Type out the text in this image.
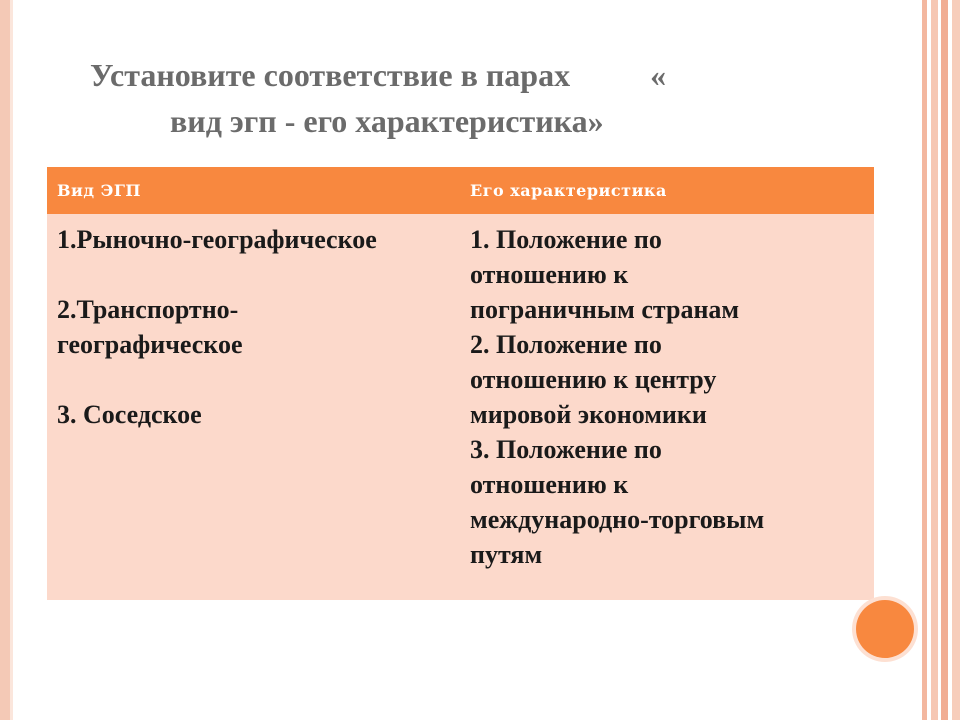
Установите соответствие в парах	«
вид эгп - его характеристика»
Вид ЭГП	Его характеристика
1.Рыночно-географическое
2.Транспортно-
географическое
3. Соседское
1. Положение по
отношению к
пограничным странам
2. Положение по
отношению к центру
мировой экономики
3. Положение по
отношению к
международно-торговым
путям
